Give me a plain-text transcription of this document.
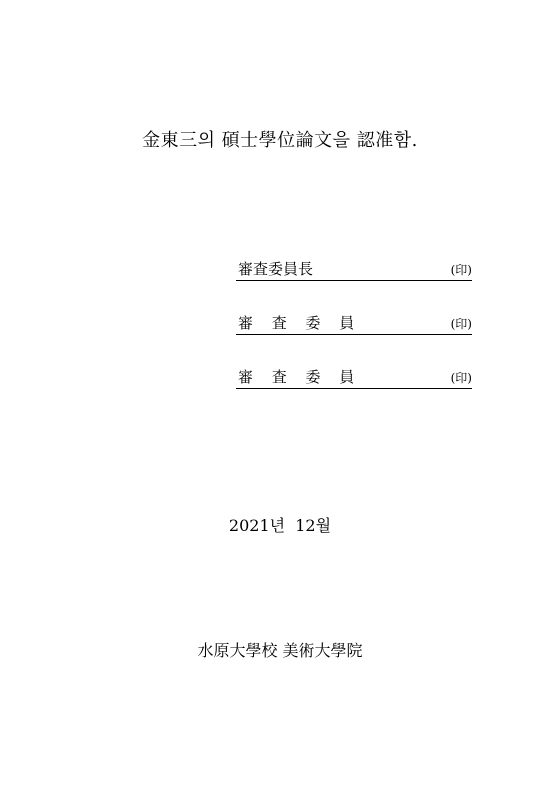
金東三의 碩士學位論文을 認准함.
審査委員長	(印)
審 査 委 員	(印)
審 査 委 員	(印)
2021년  12월
水原大學校 美術大學院
